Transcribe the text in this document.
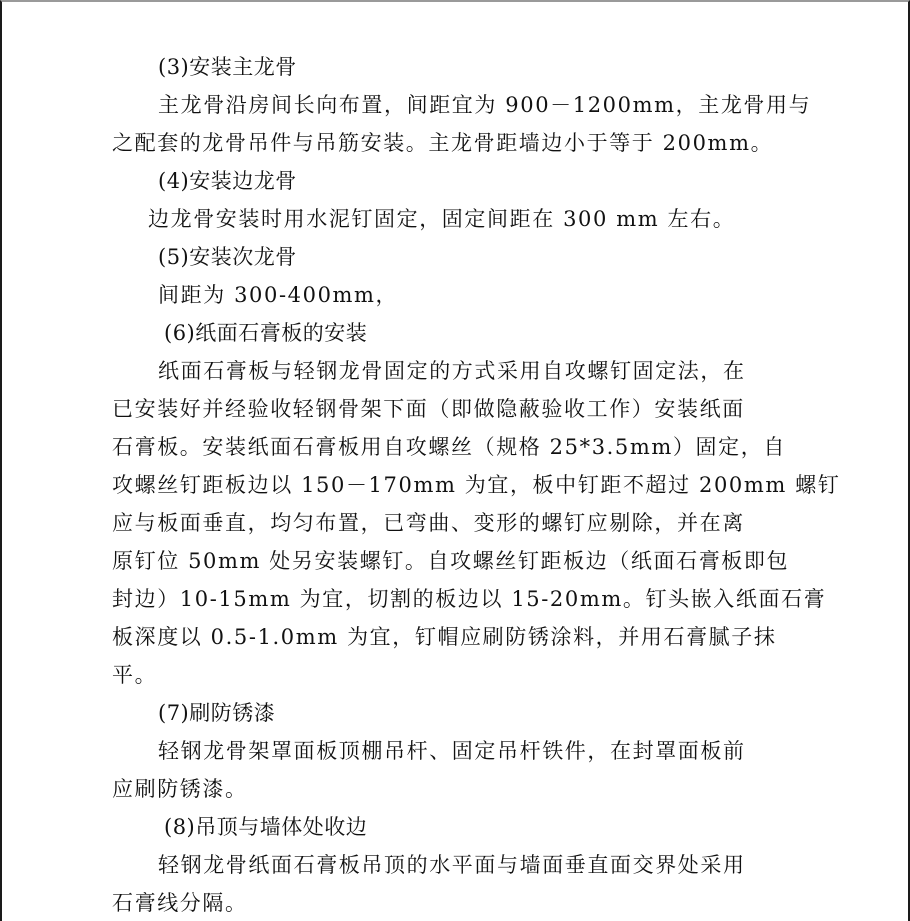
(3)安装主龙骨
主龙骨沿房间长向布置，间距宜为 900－1200mm，主龙骨用与
之配套的龙骨吊件与吊筋安装。主龙骨距墙边小于等于 200mm。
(4)安装边龙骨
边龙骨安装时用水泥钉固定，固定间距在 300 mm 左右。
(5)安装次龙骨
间距为 300-400mm，
(6)纸面石膏板的安装
纸面石膏板与轻钢龙骨固定的方式采用自攻螺钉固定法，在
已安装好并经验收轻钢骨架下面（即做隐蔽验收工作）安装纸面
石膏板。安装纸面石膏板用自攻螺丝（规格 25*3.5mm）固定，自
攻螺丝钉距板边以 150－170mm 为宜，板中钉距不超过 200mm 螺钉
应与板面垂直，均匀布置，已弯曲、变形的螺钉应剔除，并在离
原钉位 50mm 处另安装螺钉。自攻螺丝钉距板边（纸面石膏板即包
封边）10-15mm 为宜，切割的板边以 15-20mm。钉头嵌入纸面石膏
板深度以 0.5-1.0mm 为宜，钉帽应刷防锈涂料，并用石膏腻子抹
平。
(7)刷防锈漆
轻钢龙骨架罩面板顶棚吊杆、固定吊杆铁件，在封罩面板前
应刷防锈漆。
(8)吊顶与墙体处收边
轻钢龙骨纸面石膏板吊顶的水平面与墙面垂直面交界处采用
石膏线分隔。
